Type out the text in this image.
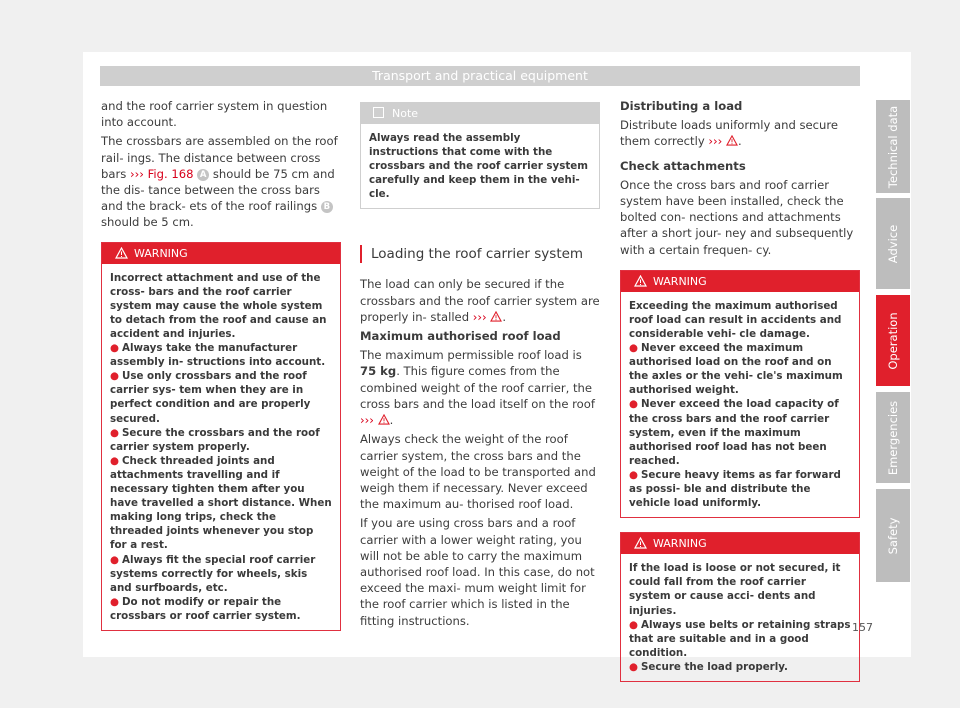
Transport and practical equipment

and the roof carrier system in question into account.

The crossbars are assembled on the roof rail- ings. The distance between cross bars ››› Fig. 168 A should be 75 cm and the dis- tance between the cross bars and the brack- ets of the roof railings B should be 5 cm.

WARNING

Incorrect attachment and use of the cross- bars and the roof carrier system may cause the whole system to detach from the roof and cause an accident and injuries.

● Always take the manufacturer assembly in- structions into account.

● Use only crossbars and the roof carrier sys- tem when they are in perfect condition and are properly secured.

● Secure the crossbars and the roof carrier system properly.

● Check threaded joints and attachments travelling and if necessary tighten them after you have travelled a short distance. When making long trips, check the threaded joints whenever you stop for a rest.

● Always fit the special roof carrier systems correctly for wheels, skis and surfboards, etc.

● Do not modify or repair the crossbars or roof carrier system.

Note
Always read the assembly instructions that come with the crossbars and the roof carrier system carefully and keep them in the vehi- cle.
Loading the roof carrier system

The load can only be secured if the crossbars and the roof carrier system are properly in- stalled ››› .

Maximum authorised roof load

The maximum permissible roof load is 75 kg. This figure comes from the combined weight of the roof carrier, the cross bars and the load itself on the roof ››› .

Always check the weight of the roof carrier system, the cross bars and the weight of the load to be transported and weigh them if necessary. Never exceed the maximum au- thorised roof load.

If you are using cross bars and a roof carrier with a lower weight rating, you will not be able to carry the maximum authorised roof load. In this case, do not exceed the maxi- mum weight limit for the roof carrier which is listed in the fitting instructions.

Distributing a load

Distribute loads uniformly and secure them correctly ››› .

Check attachments

Once the cross bars and roof carrier system have been installed, check the bolted con- nections and attachments after a short jour- ney and subsequently with a certain frequen- cy.

WARNING

Exceeding the maximum authorised roof load can result in accidents and considerable vehi- cle damage.

● Never exceed the maximum authorised load on the roof and on the axles or the vehi- cle's maximum authorised weight.

● Never exceed the load capacity of the cross bars and the roof carrier system, even if the maximum authorised roof load has not been reached.

● Secure heavy items as far forward as possi- ble and distribute the vehicle load uniformly.

WARNING

If the load is loose or not secured, it could fall from the roof carrier system or cause acci- dents and injuries.

● Always use belts or retaining straps that are suitable and in a good condition.

● Secure the load properly.

Technical data
Advice
Operation
Emergencies
Safety
157
